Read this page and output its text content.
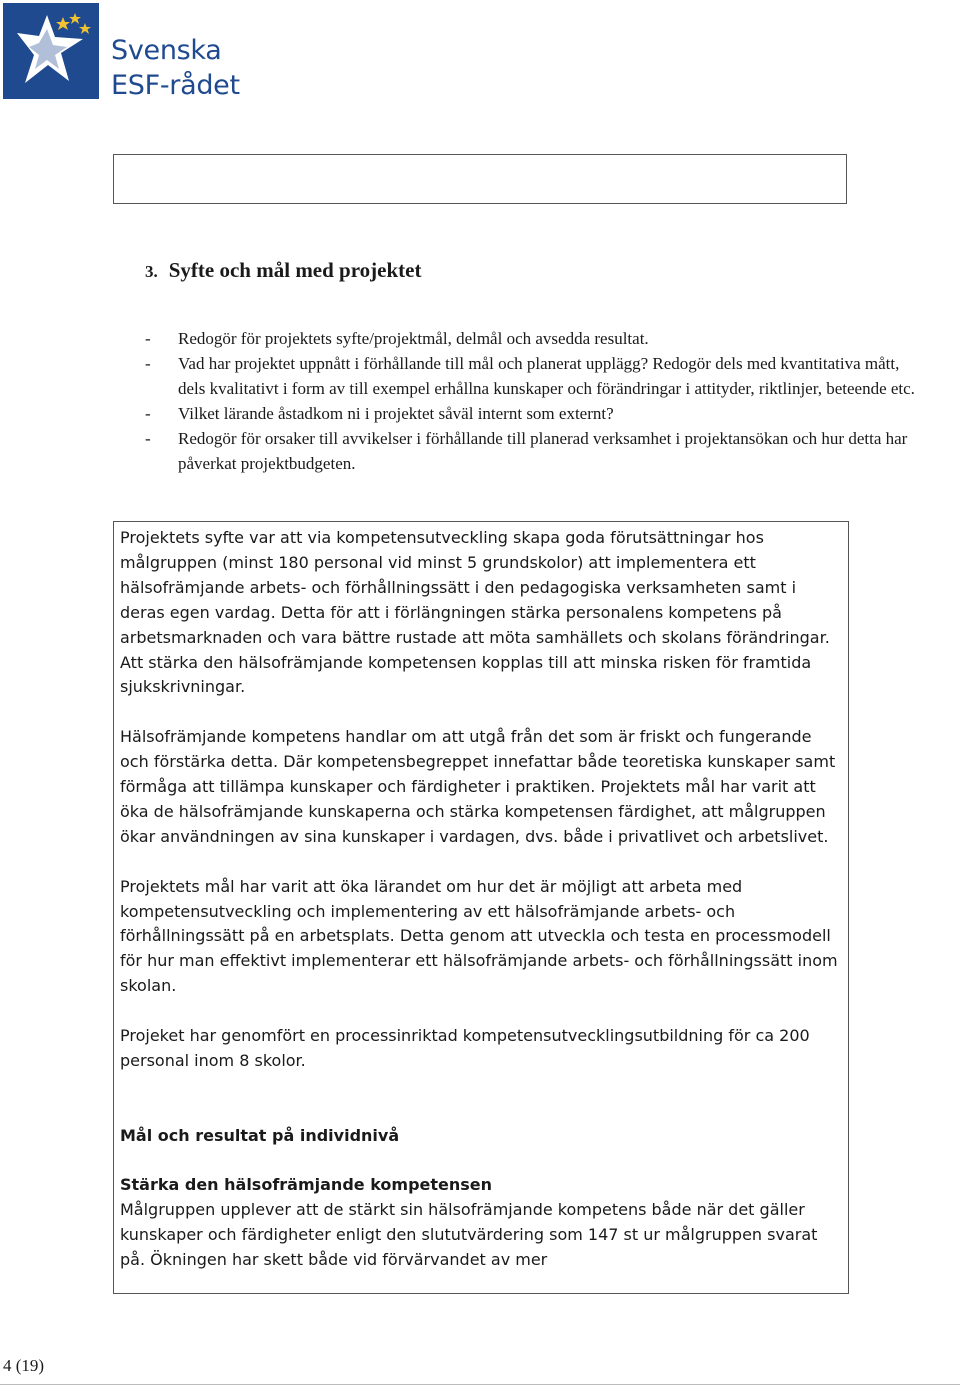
Svenska
ESF-rådet
3. Syfte och mål med projektet
- Redogör för projektets syfte/projektmål, delmål och avsedda resultat.
- Vad har projektet uppnått i förhållande till mål och planerat upplägg? Redogör dels med kvantitativa mått, dels kvalitativt i form av till exempel erhållna kunskaper och förändringar i attityder, riktlinjer, beteende etc.
- Vilket lärande åstadkom ni i projektet såväl internt som externt?
- Redogör för orsaker till avvikelser i förhållande till planerad verksamhet i projektansökan och hur detta har påverkat projektbudgeten.

Projektets syfte var att via kompetensutveckling skapa goda förutsättningar hos målgruppen (minst 180 personal vid minst 5 grundskolor) att implementera ett hälsofrämjande arbets- och förhållningssätt i den pedagogiska verksamheten samt i deras egen vardag. Detta för att i förlängningen stärka personalens kompetens på arbetsmarknaden och vara bättre rustade att möta samhällets och skolans förändringar. Att stärka den hälsofrämjande kompetensen kopplas till att minska risken för framtida sjukskrivningar.

Hälsofrämjande kompetens handlar om att utgå från det som är friskt och fungerande och förstärka detta. Där kompetensbegreppet innefattar både teoretiska kunskaper samt förmåga att tillämpa kunskaper och färdigheter i praktiken. Projektets mål har varit att öka de hälsofrämjande kunskaperna och stärka kompetensen färdighet, att målgruppen ökar användningen av sina kunskaper i vardagen, dvs. både i privatlivet och arbetslivet.

Projektets mål har varit att öka lärandet om hur det är möjligt att arbeta med kompetensutveckling och implementering av ett hälsofrämjande arbets- och förhållningssätt på en arbetsplats. Detta genom att utveckla och testa en processmodell för hur man effektivt implementerar ett hälsofrämjande arbets- och förhållningssätt inom skolan.

Projeket har genomfört en processinriktad kompetensutvecklingsutbildning för ca 200 personal inom 8 skolor.

Mål och resultat på individnivå

Stärka den hälsofrämjande kompetensen

Målgruppen upplever att de stärkt sin hälsofrämjande kompetens både när det gäller kunskaper och färdigheter enligt den slututvärdering som 147 st ur målgruppen svarat på. Ökningen har skett både vid förvärvandet av mer

4 (19)
